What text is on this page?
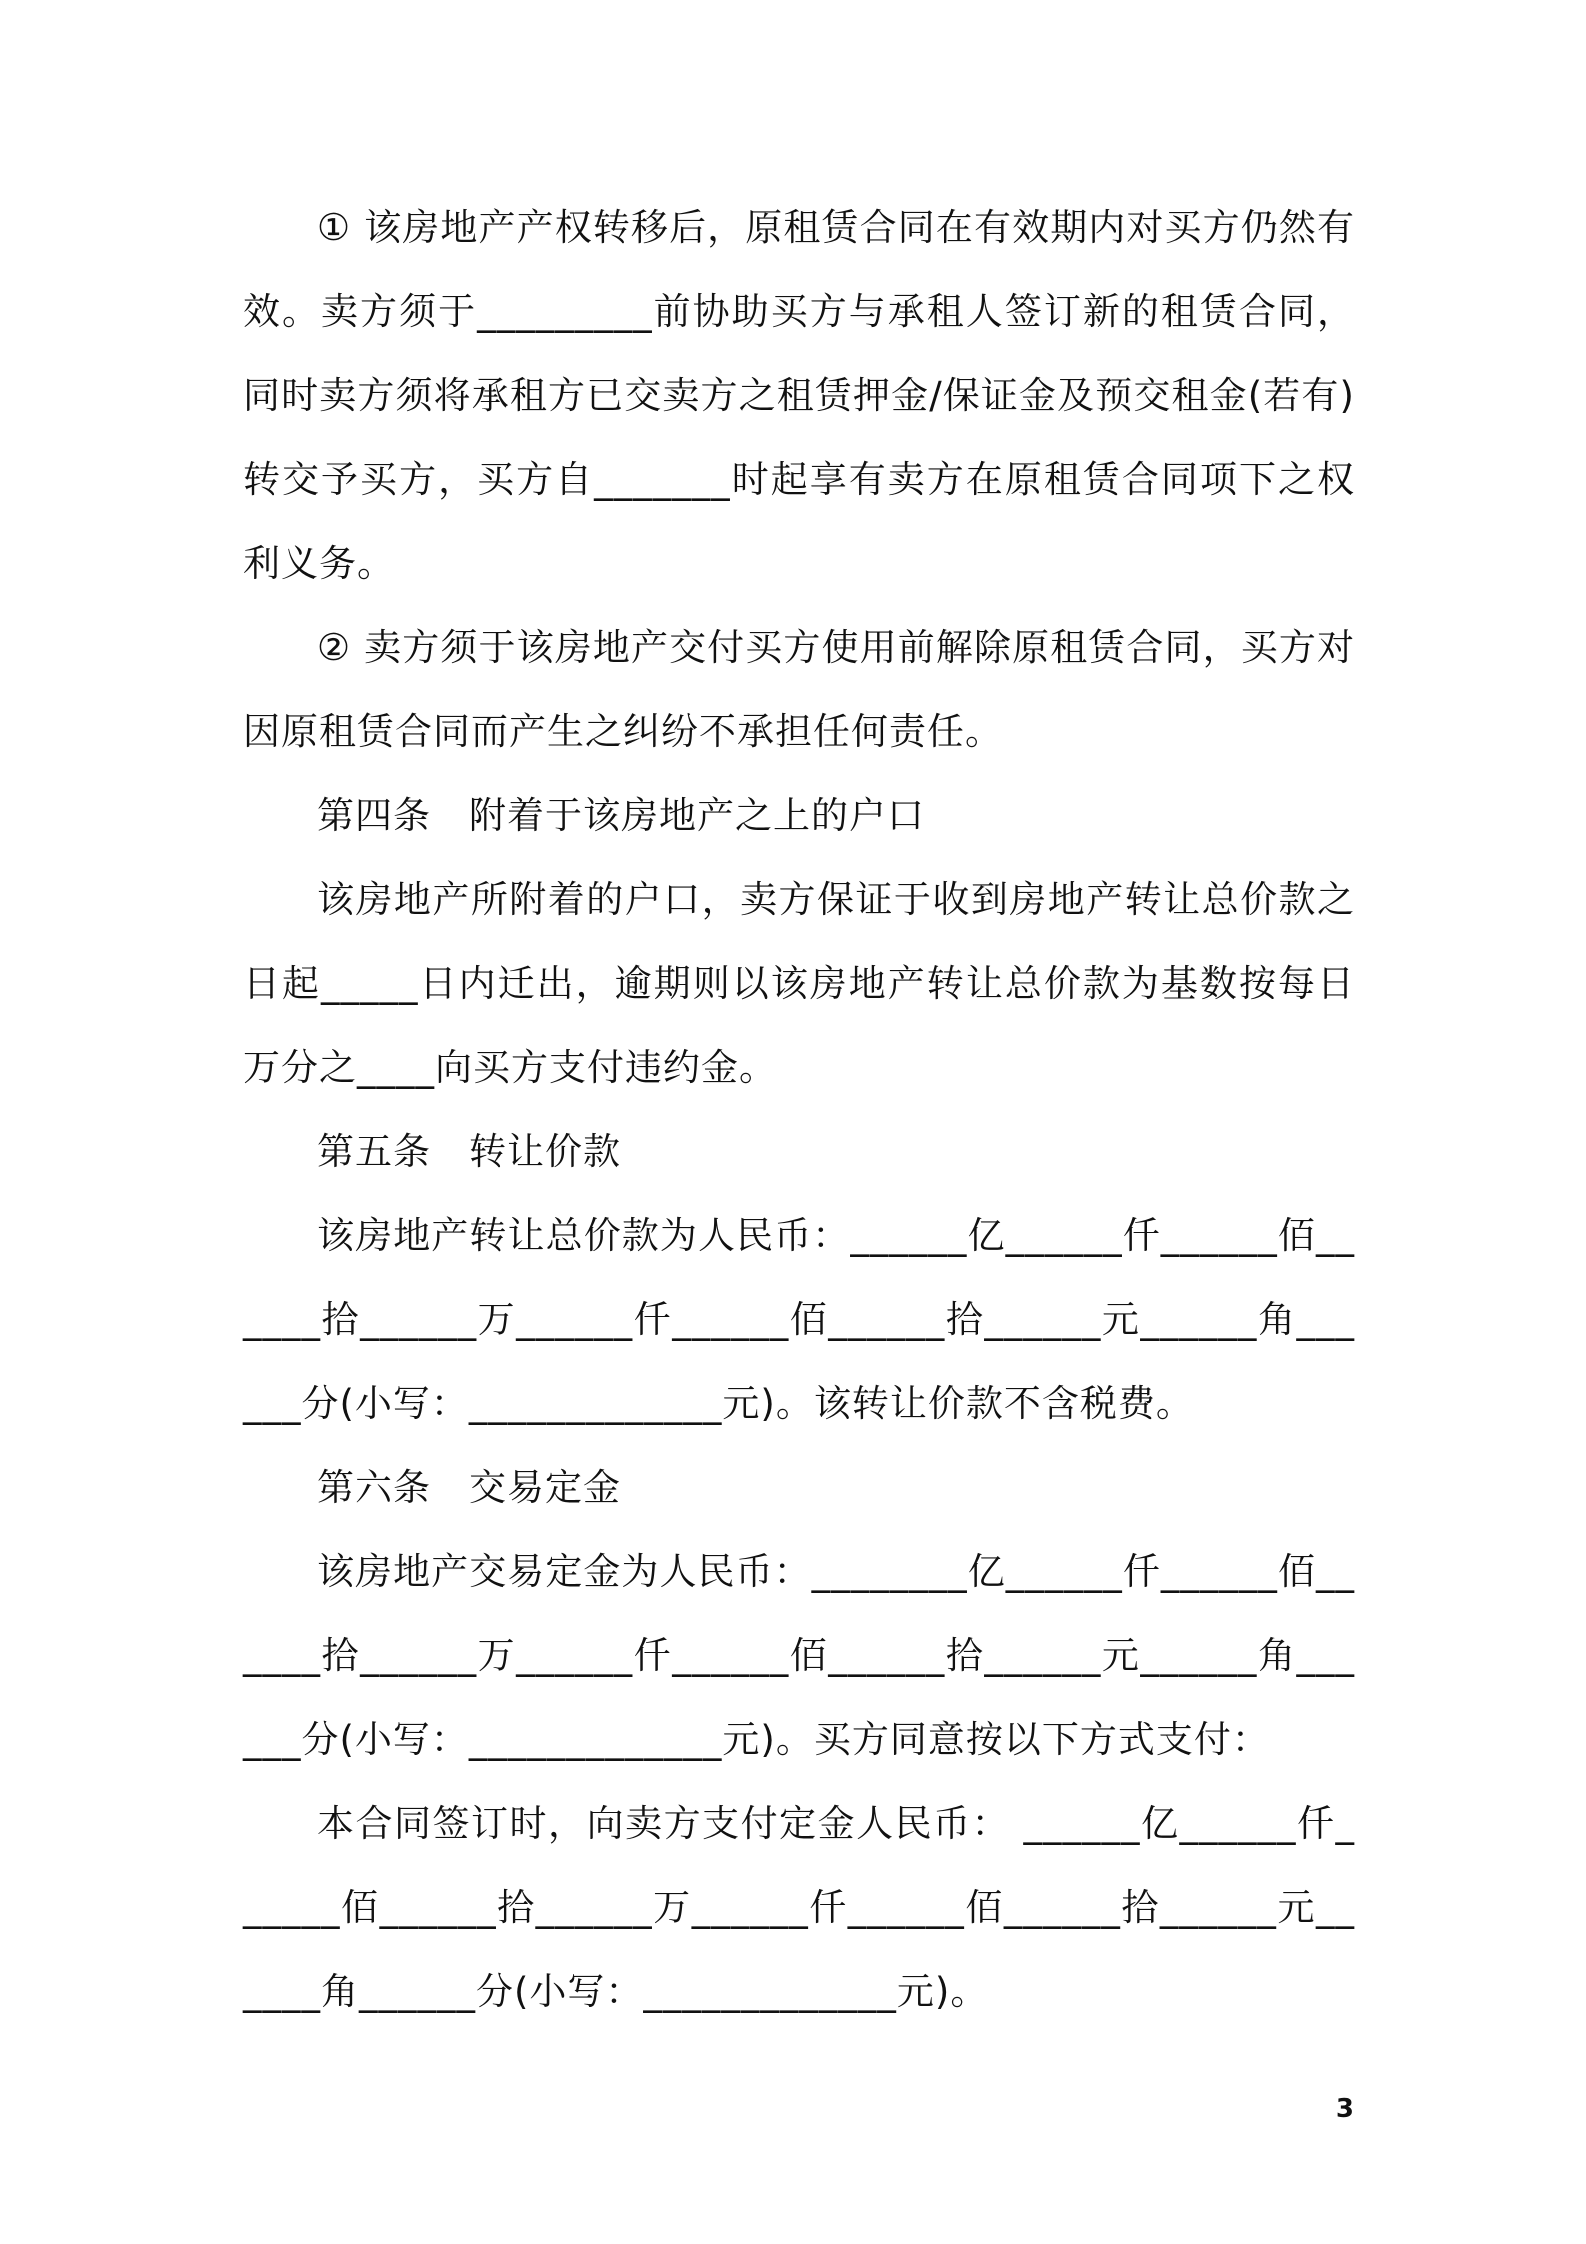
① 该房地产产权转移后，原租赁合同在有效期内对买方仍然有效。卖方须于_________前协助买方与承租人签订新的租赁合同，同时卖方须将承租方已交卖方之租赁押金/保证金及预交租金(若有)转交予买方，买方自_______时起享有卖方在原租赁合同项下之权利义务。

② 卖方须于该房地产交付买方使用前解除原租赁合同，买方对因原租赁合同而产生之纠纷不承担任何责任。

第四条　附着于该房地产之上的户口

该房地产所附着的户口，卖方保证于收到房地产转让总价款之日起_____日内迁出，逾期则以该房地产转让总价款为基数按每日万分之____向买方支付违约金。

第五条　转让价款

该房地产转让总价款为人民币：______亿______仟______佰______拾______万______仟______佰______拾______元______角______分(小写：_____________元)。该转让价款不含税费。

第六条　交易定金

该房地产交易定金为人民币：________亿______仟______佰______拾______万______仟______佰______拾______元______角______分(小写：_____________元)。买方同意按以下方式支付：

本合同签订时，向卖方支付定金人民币： ______亿______仟______佰______拾______万______仟______佰______拾______元______角______分(小写：_____________元)。

3
